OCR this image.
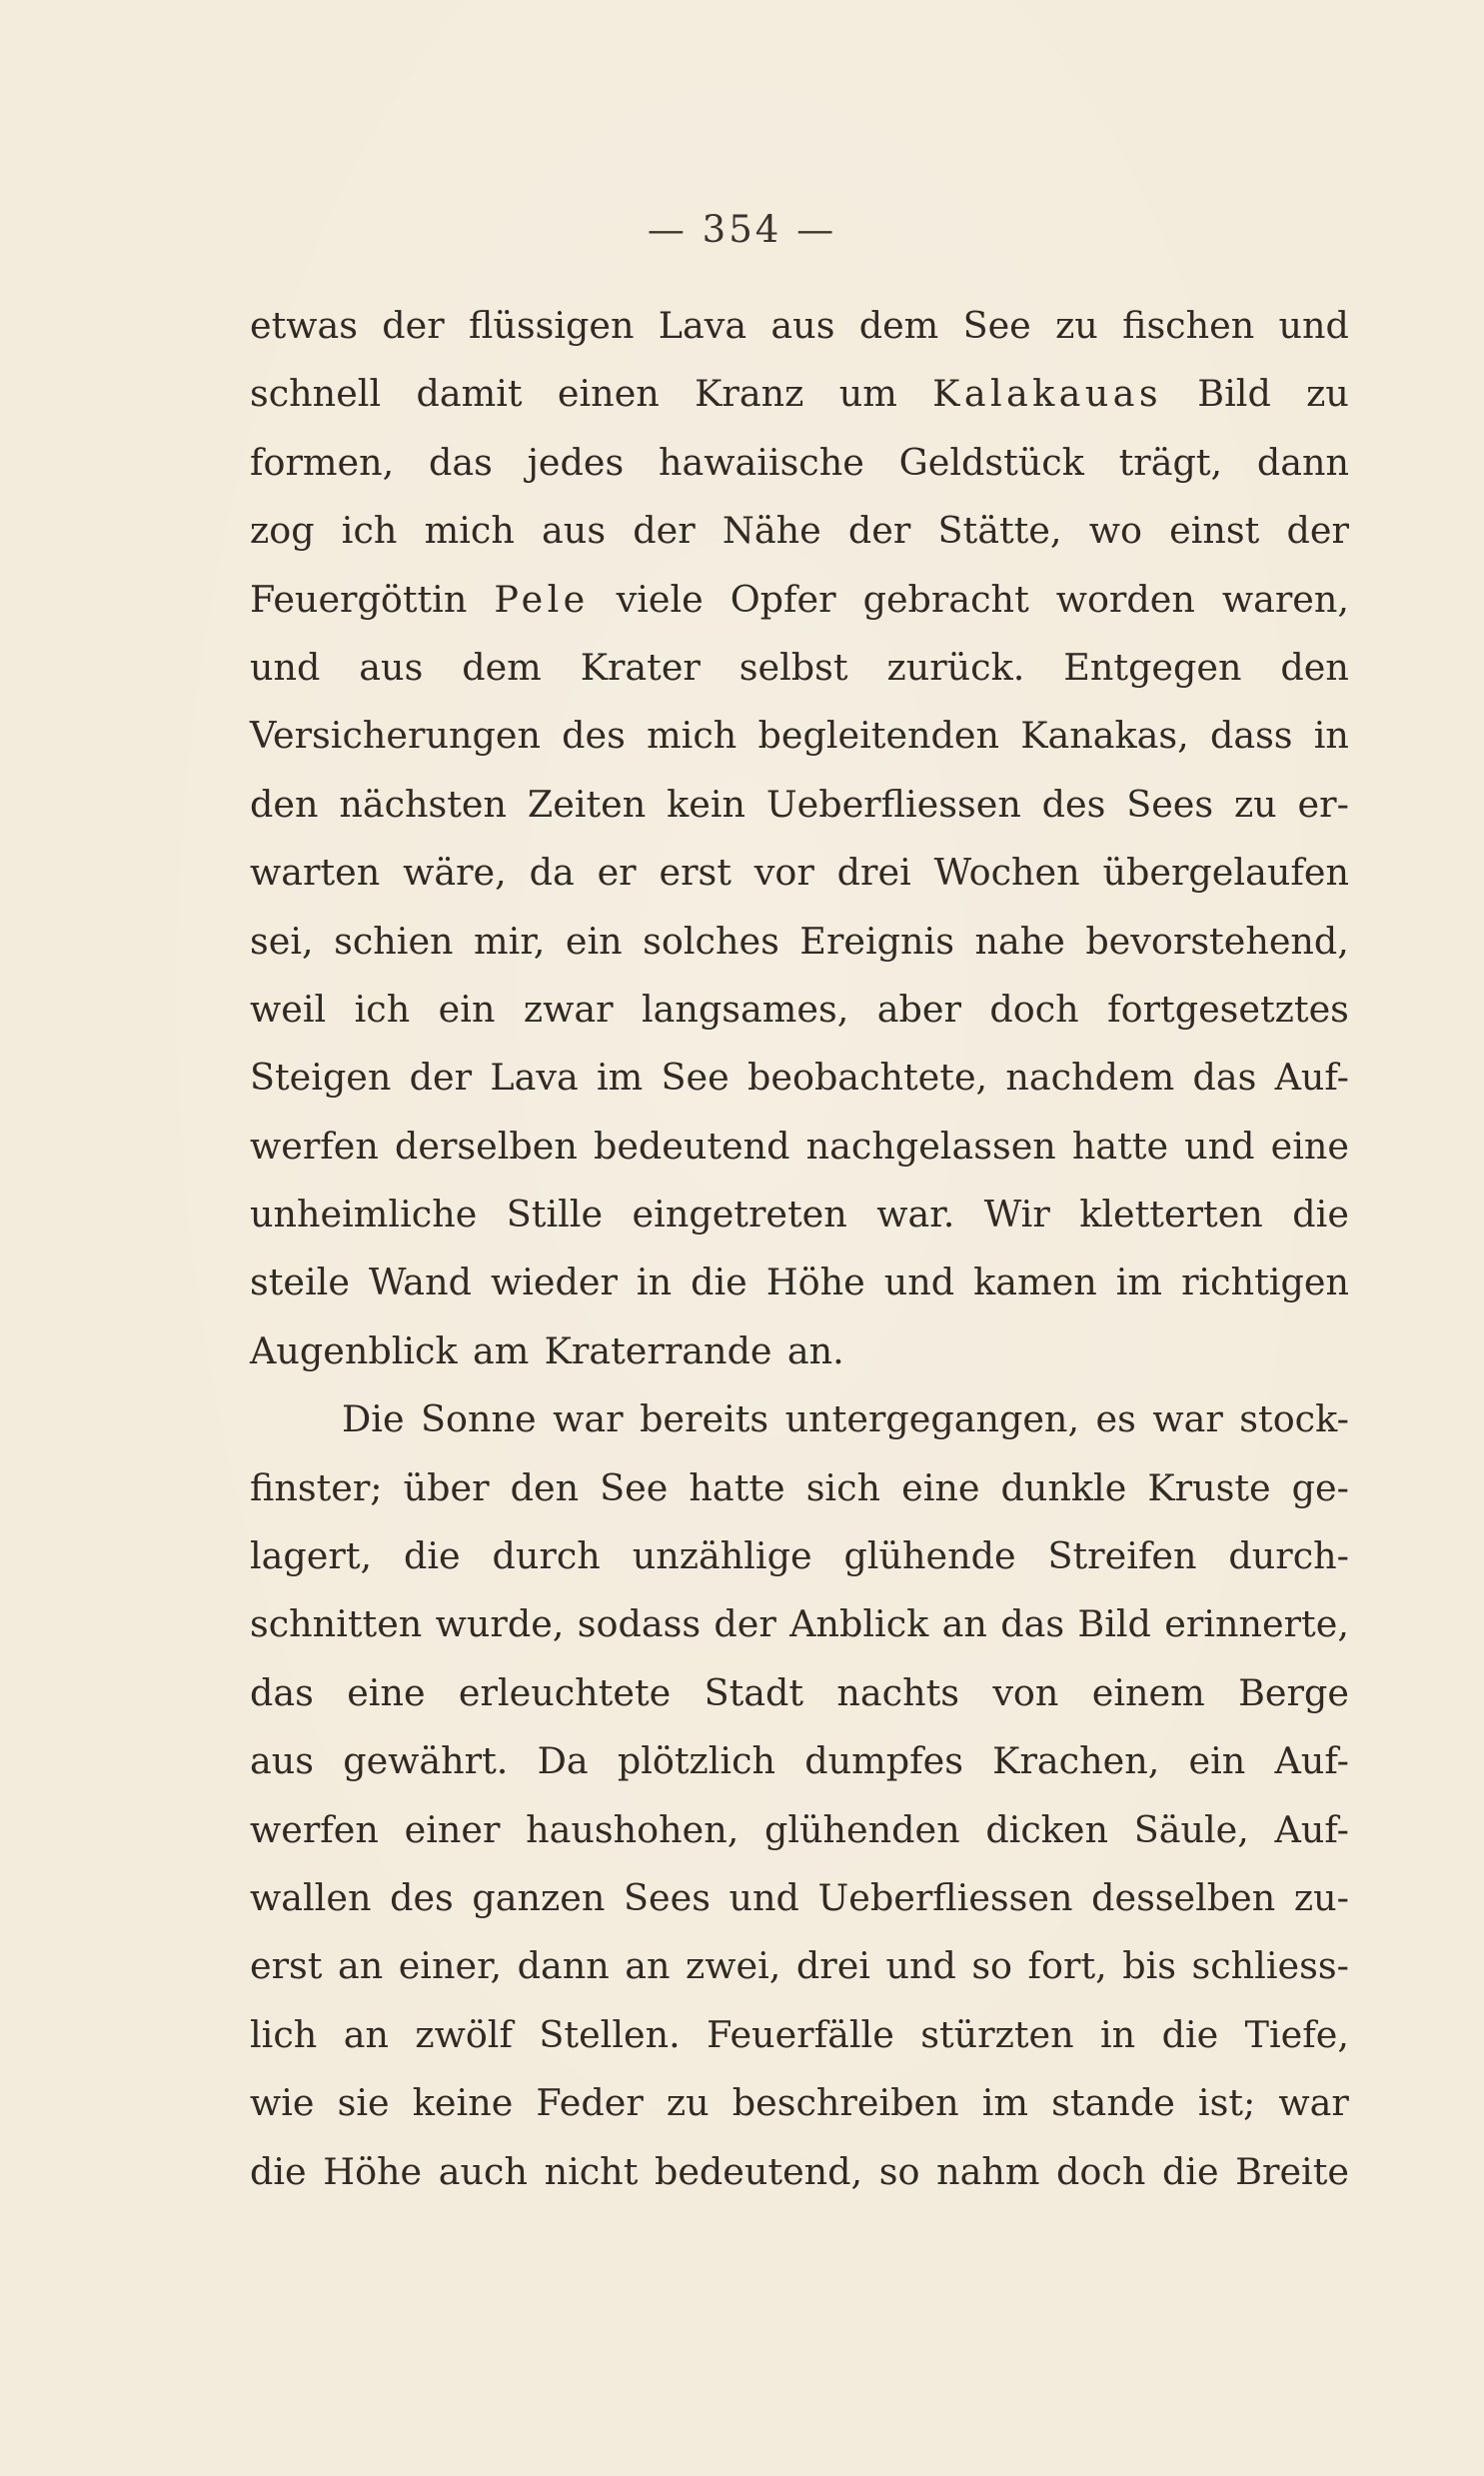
— 354 —
etwas der flüssigen Lava aus dem See zu fischen und
schnell damit einen Kranz um Kalakauas Bild zu
formen, das jedes hawaiische Geldstück trägt, dann
zog ich mich aus der Nähe der Stätte, wo einst der
Feuergöttin Pele viele Opfer gebracht worden waren,
und aus dem Krater selbst zurück. Entgegen den
Versicherungen des mich begleitenden Kanakas, dass in
den nächsten Zeiten kein Ueberfliessen des Sees zu er-
warten wäre, da er erst vor drei Wochen übergelaufen
sei, schien mir, ein solches Ereignis nahe bevorstehend,
weil ich ein zwar langsames, aber doch fortgesetztes
Steigen der Lava im See beobachtete, nachdem das Auf-
werfen derselben bedeutend nachgelassen hatte und eine
unheimliche Stille eingetreten war. Wir kletterten die
steile Wand wieder in die Höhe und kamen im richtigen
Augenblick am Kraterrande an.
Die Sonne war bereits untergegangen, es war stock-
finster; über den See hatte sich eine dunkle Kruste ge-
lagert, die durch unzählige glühende Streifen durch-
schnitten wurde, sodass der Anblick an das Bild erinnerte,
das eine erleuchtete Stadt nachts von einem Berge
aus gewährt. Da plötzlich dumpfes Krachen, ein Auf-
werfen einer haushohen, glühenden dicken Säule, Auf-
wallen des ganzen Sees und Ueberfliessen desselben zu-
erst an einer, dann an zwei, drei und so fort, bis schliess-
lich an zwölf Stellen. Feuerfälle stürzten in die Tiefe,
wie sie keine Feder zu beschreiben im stande ist; war
die Höhe auch nicht bedeutend, so nahm doch die Breite
